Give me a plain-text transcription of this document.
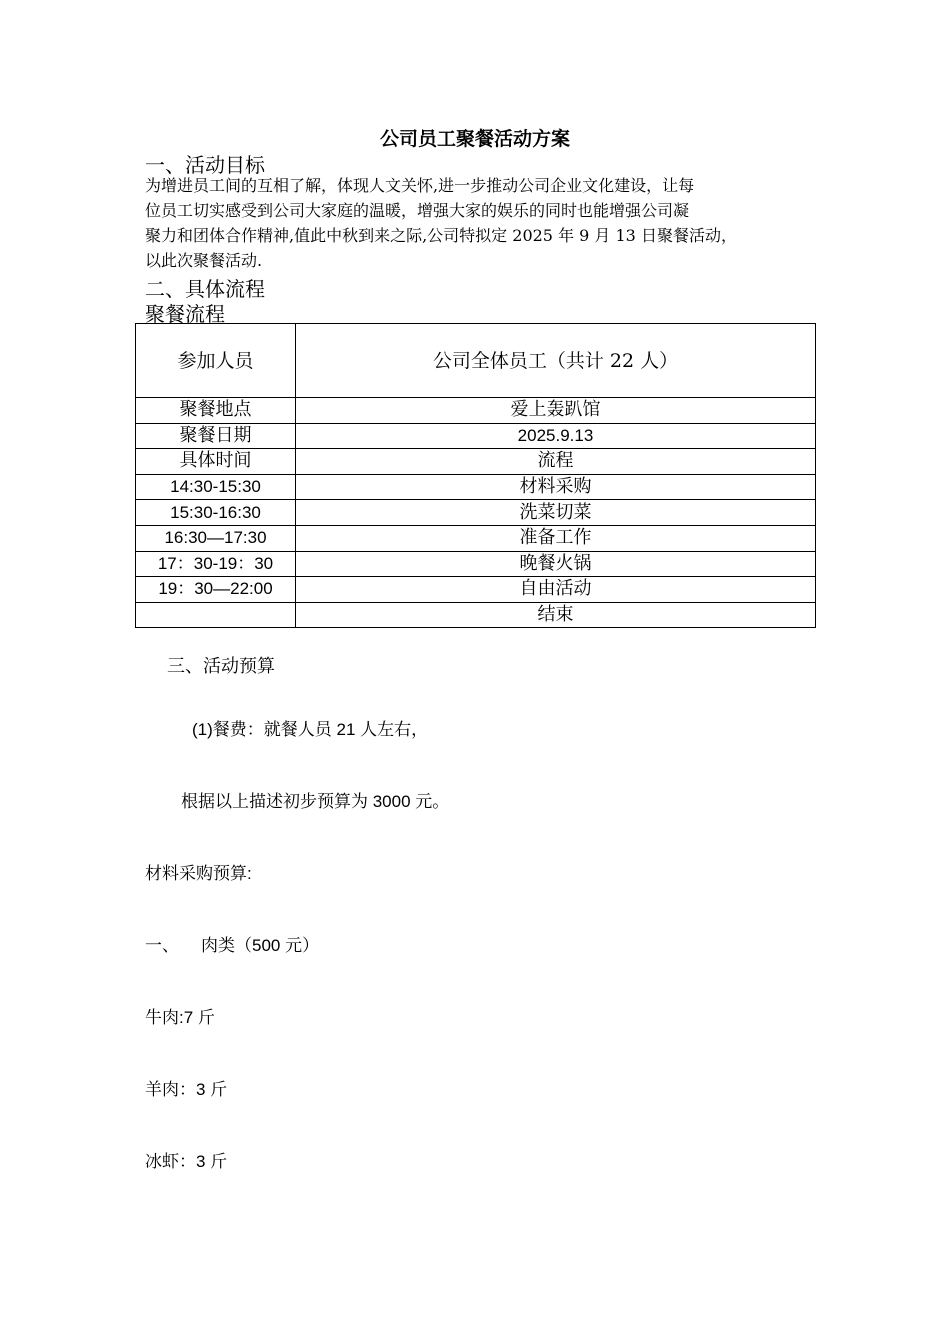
公司员工聚餐活动方案
一、活动目标
为增进员工间的互相了解，体现人文关怀,进一步推动公司企业文化建设，让每
位员工切实感受到公司大家庭的温暖，增强大家的娱乐的同时也能增强公司凝
聚力和团体合作精神,值此中秋到来之际,公司特拟定 2025 年 9 月 13 日聚餐活动，
以此次聚餐活动.
二、具体流程
聚餐流程
参加人员	公司全体员工（共计 22 人）
聚餐地点	爱上轰趴馆
聚餐日期	2025.9.13
具体时间	流程
14:30-15:30	材料采购
15:30-16:30	洗菜切菜
16:30—17:30	准备工作
17：30-19：30	晚餐火锅
19：30—22:00	自由活动
	结束
三、活动预算
(1)餐费：就餐人员 21 人左右，
根据以上描述初步预算为 3000 元。
材料采购预算:
一、 肉类（500 元）
牛肉:7 斤
羊肉：3 斤
冰虾：3 斤
